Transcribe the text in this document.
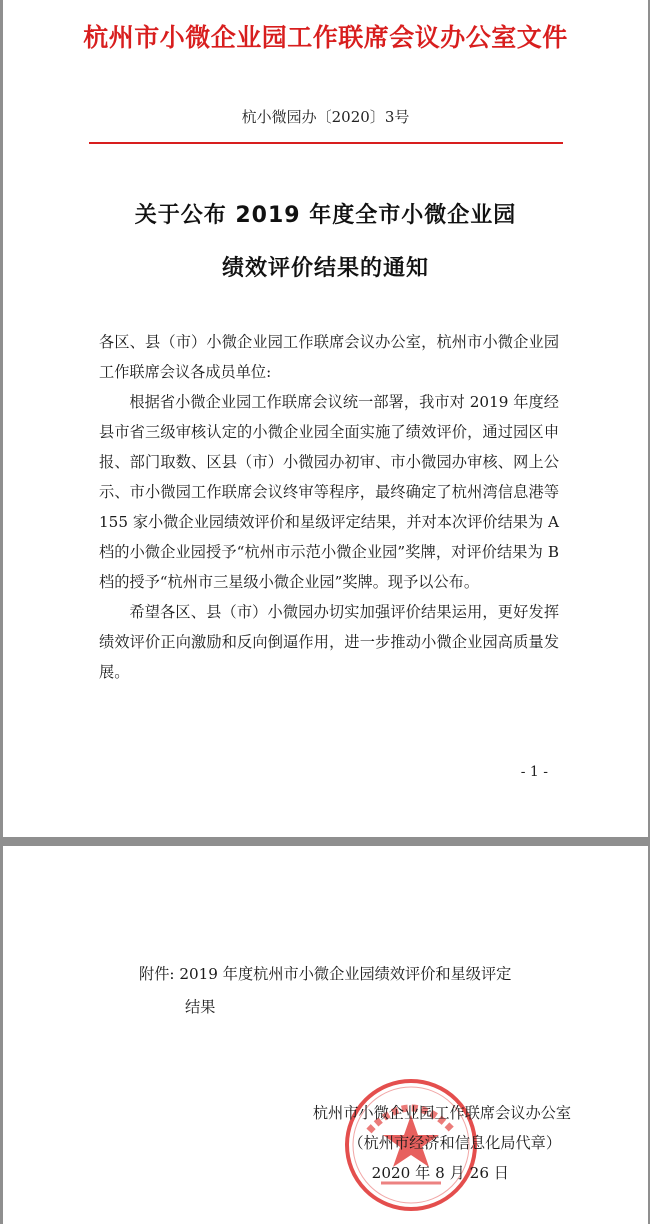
杭州市小微企业园工作联席会议办公室文件
杭小微园办〔2020〕3号
关于公布 2019 年度全市小微企业园
绩效评价结果的通知

各区、县（市）小微企业园工作联席会议办公室，杭州市小微企业园工作联席会议各成员单位:

根据省小微企业园工作联席会议统一部署，我市对 2019 年度经县市省三级审核认定的小微企业园全面实施了绩效评价，通过园区申报、部门取数、区县（市）小微园办初审、市小微园办审核、网上公示、市小微园工作联席会议终审等程序，最终确定了杭州湾信息港等 155 家小微企业园绩效评价和星级评定结果，并对本次评价结果为 A 档的小微企业园授予“杭州市示范小微企业园”奖牌，对评价结果为 B 档的授予“杭州市三星级小微企业园”奖牌。现予以公布。

希望各区、县（市）小微园办切实加强评价结果运用，更好发挥绩效评价正向激励和反向倒逼作用，进一步推动小微企业园高质量发展。

- 1 -
附件: 2019 年度杭州市小微企业园绩效评价和星级评定
结果
杭州市小微企业园工作联席会议办公室
（杭州市经济和信息化局代章）
2020 年 8 月 26 日
